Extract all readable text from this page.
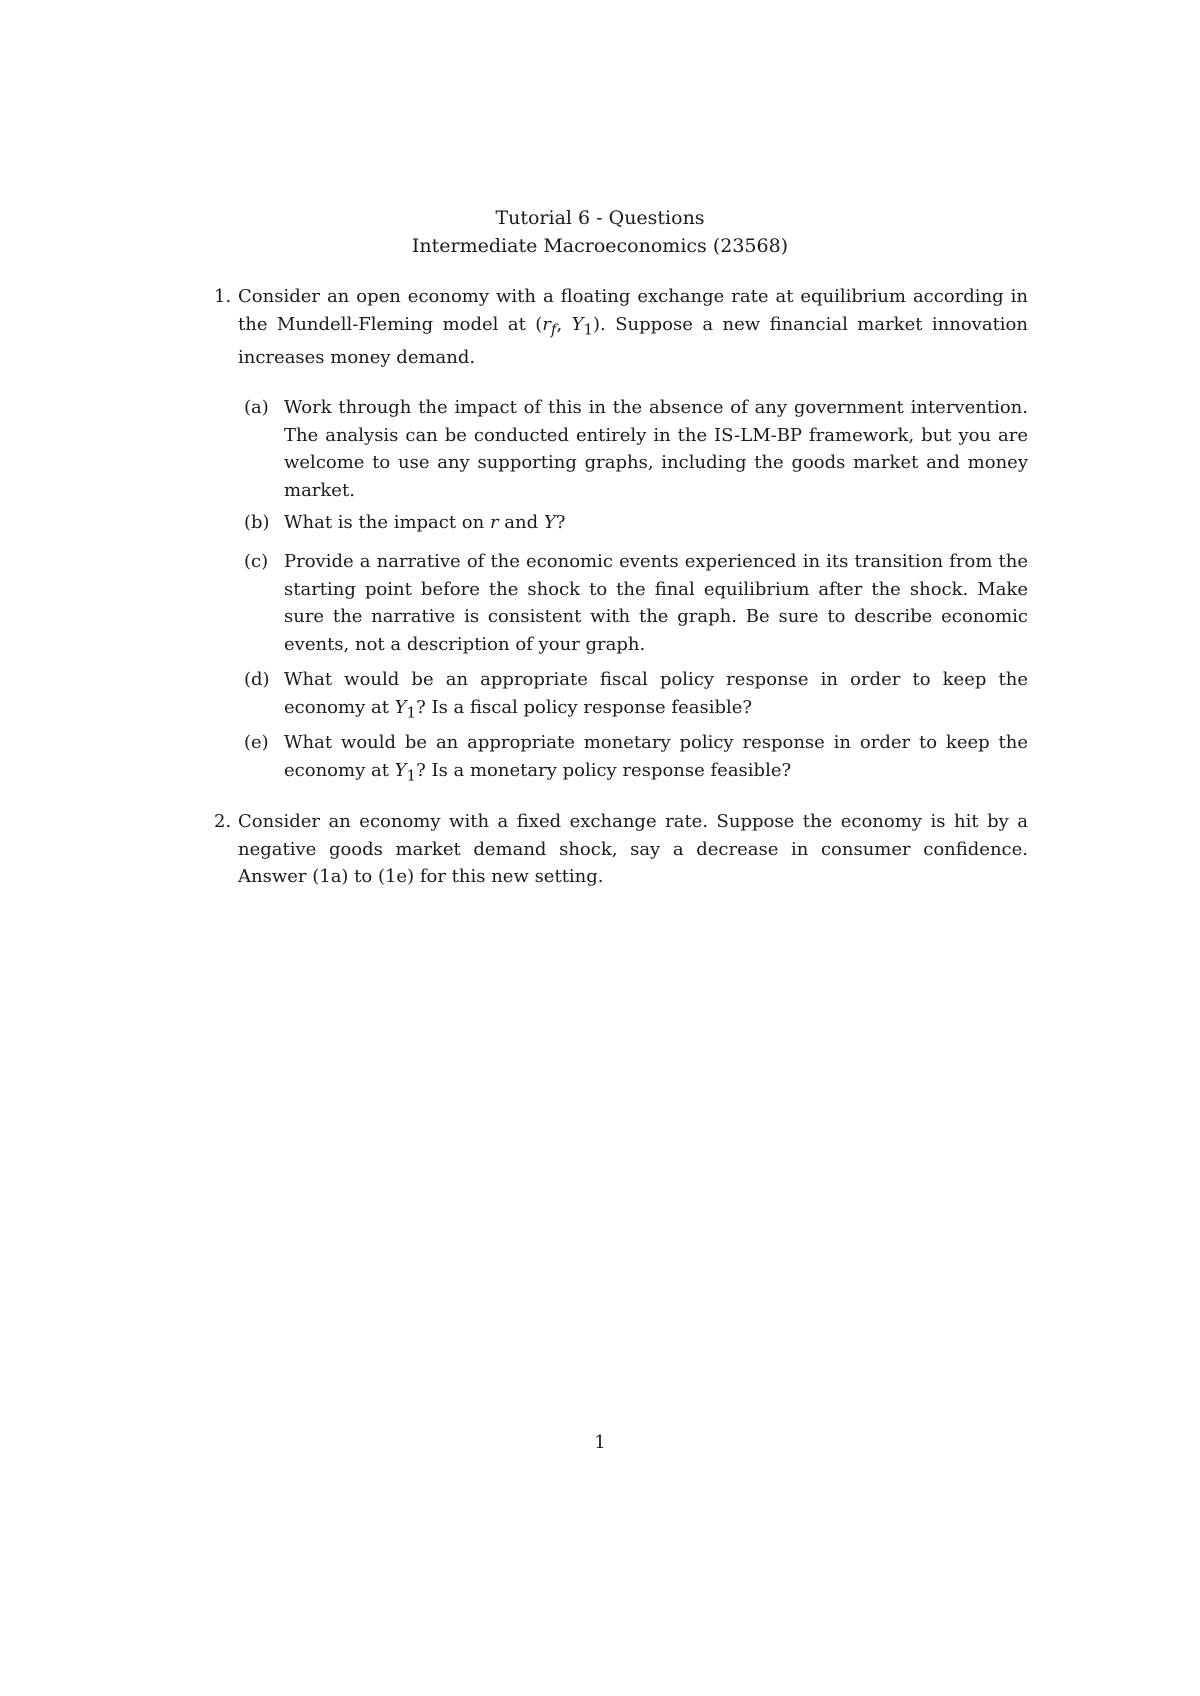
Tutorial 6 - Questions
Intermediate Macroeconomics (23568)
1. Consider an open economy with a floating exchange rate at equilibrium according in the Mundell-Fleming model at ($r_f$, $Y_1$). Suppose a new financial market innovation increases money demand.
(a) Work through the impact of this in the absence of any government intervention. The analysis can be conducted entirely in the IS-LM-BP framework, but you are welcome to use any supporting graphs, including the goods market and money market.
(b) What is the impact on r and Y?
(c) Provide a narrative of the economic events experienced in its transition from the starting point before the shock to the final equilibrium after the shock. Make sure the narrative is consistent with the graph. Be sure to describe economic events, not a description of your graph.
(d) What would be an appropriate fiscal policy response in order to keep the economy at $Y_1$? Is a fiscal policy response feasible?
(e) What would be an appropriate monetary policy response in order to keep the economy at $Y_1$? Is a monetary policy response feasible?
2. Consider an economy with a fixed exchange rate. Suppose the economy is hit by a negative goods market demand shock, say a decrease in consumer confidence. Answer (1a) to (1e) for this new setting.
1
